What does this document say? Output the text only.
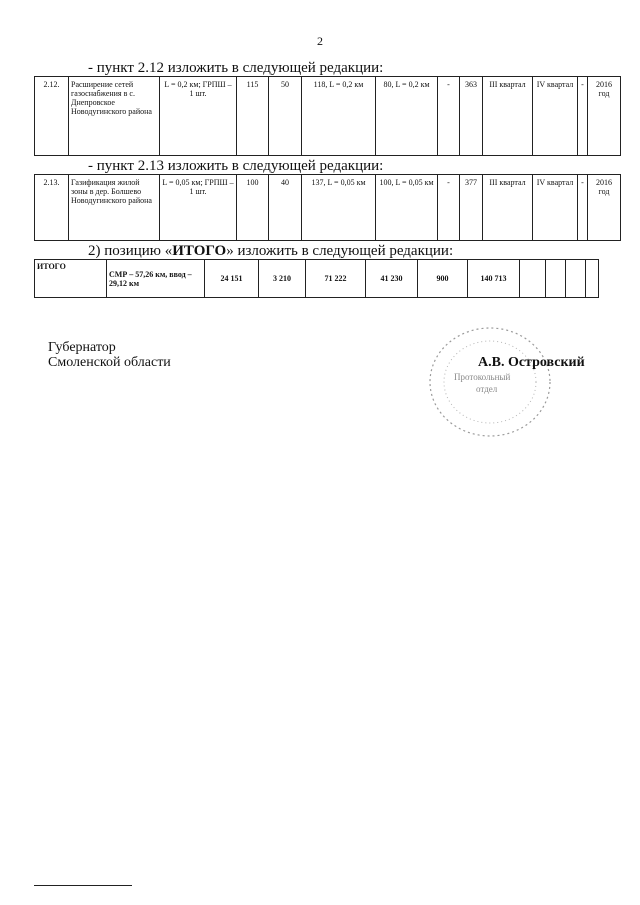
2
- пункт 2.12 изложить в следующей редакции:
2.12.	Расширение сетей газоснабжения в с. Днепровское Новодугинского района	L = 0,2 км; ГРПШ – 1 шт.	115	50	118, L = 0,2 км	80, L = 0,2 км	-	363	III квартал	IV квартал	-	2016 год
- пункт 2.13 изложить в следующей редакции:
2.13.	Газификация жилой зоны в дер. Болшево Новодугинского района	L = 0,05 км; ГРПШ – 1 шт.	100	40	137, L = 0,05 км	100, L = 0,05 км	-	377	III квартал	IV квартал	-	2016 год
2) позицию «ИТОГО» изложить в следующей редакции:
ИТОГО	СМР – 57,26 км, ввод – 29,12 км	24 151	3 210	71 222	41 230	900	140 713				
Губернатор
Смоленской области
Протокольный
отдел
А.В. Островский
